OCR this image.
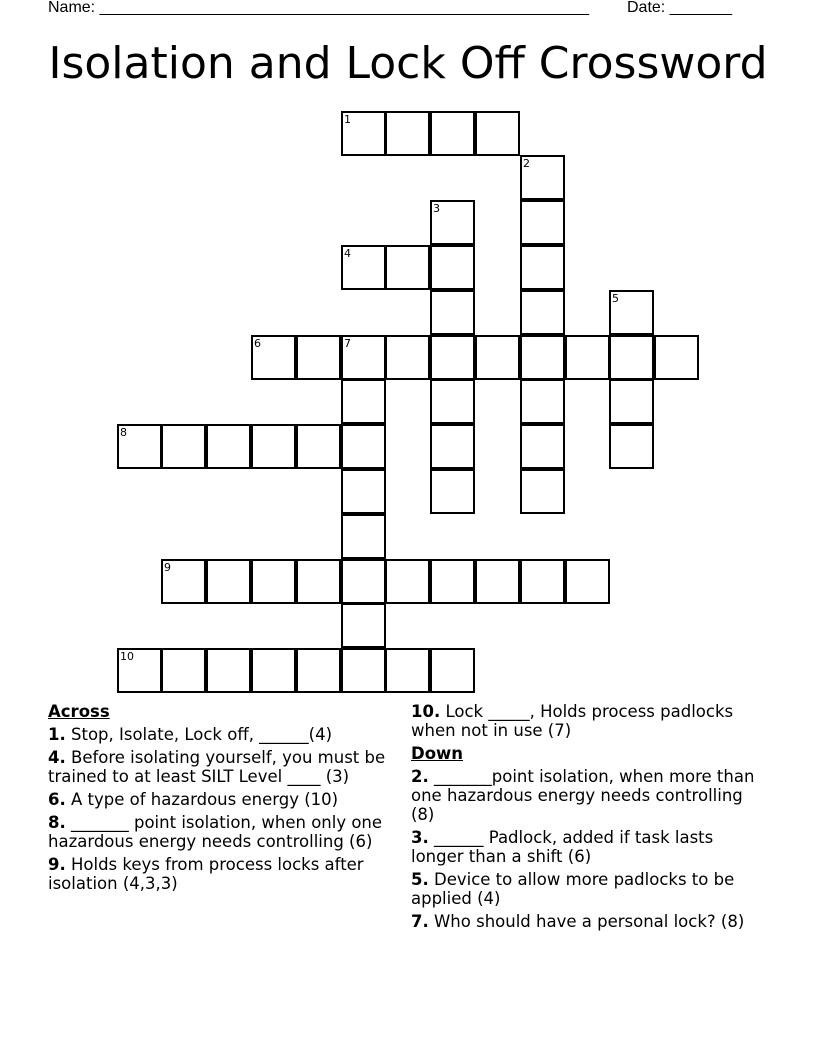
Name: _______________________________________________________ Date: _______
Isolation and Lock Off Crossword
1
2
3
4
5
6	7
8
9
10
Across
1. Stop, Isolate, Lock off, ______(4)
4. Before isolating yourself, you must be trained to at least SILT Level ____ (3)
6. A type of hazardous energy (10)
8. _______ point isolation, when only one hazardous energy needs controlling (6)
9. Holds keys from process locks after isolation (4,3,3)
10. Lock _____, Holds process padlocks when not in use (7)
Down
2. _______point isolation, when more than one hazardous energy needs controlling (8)
3. ______ Padlock, added if task lasts longer than a shift (6)
5. Device to allow more padlocks to be applied (4)
7. Who should have a personal lock? (8)
